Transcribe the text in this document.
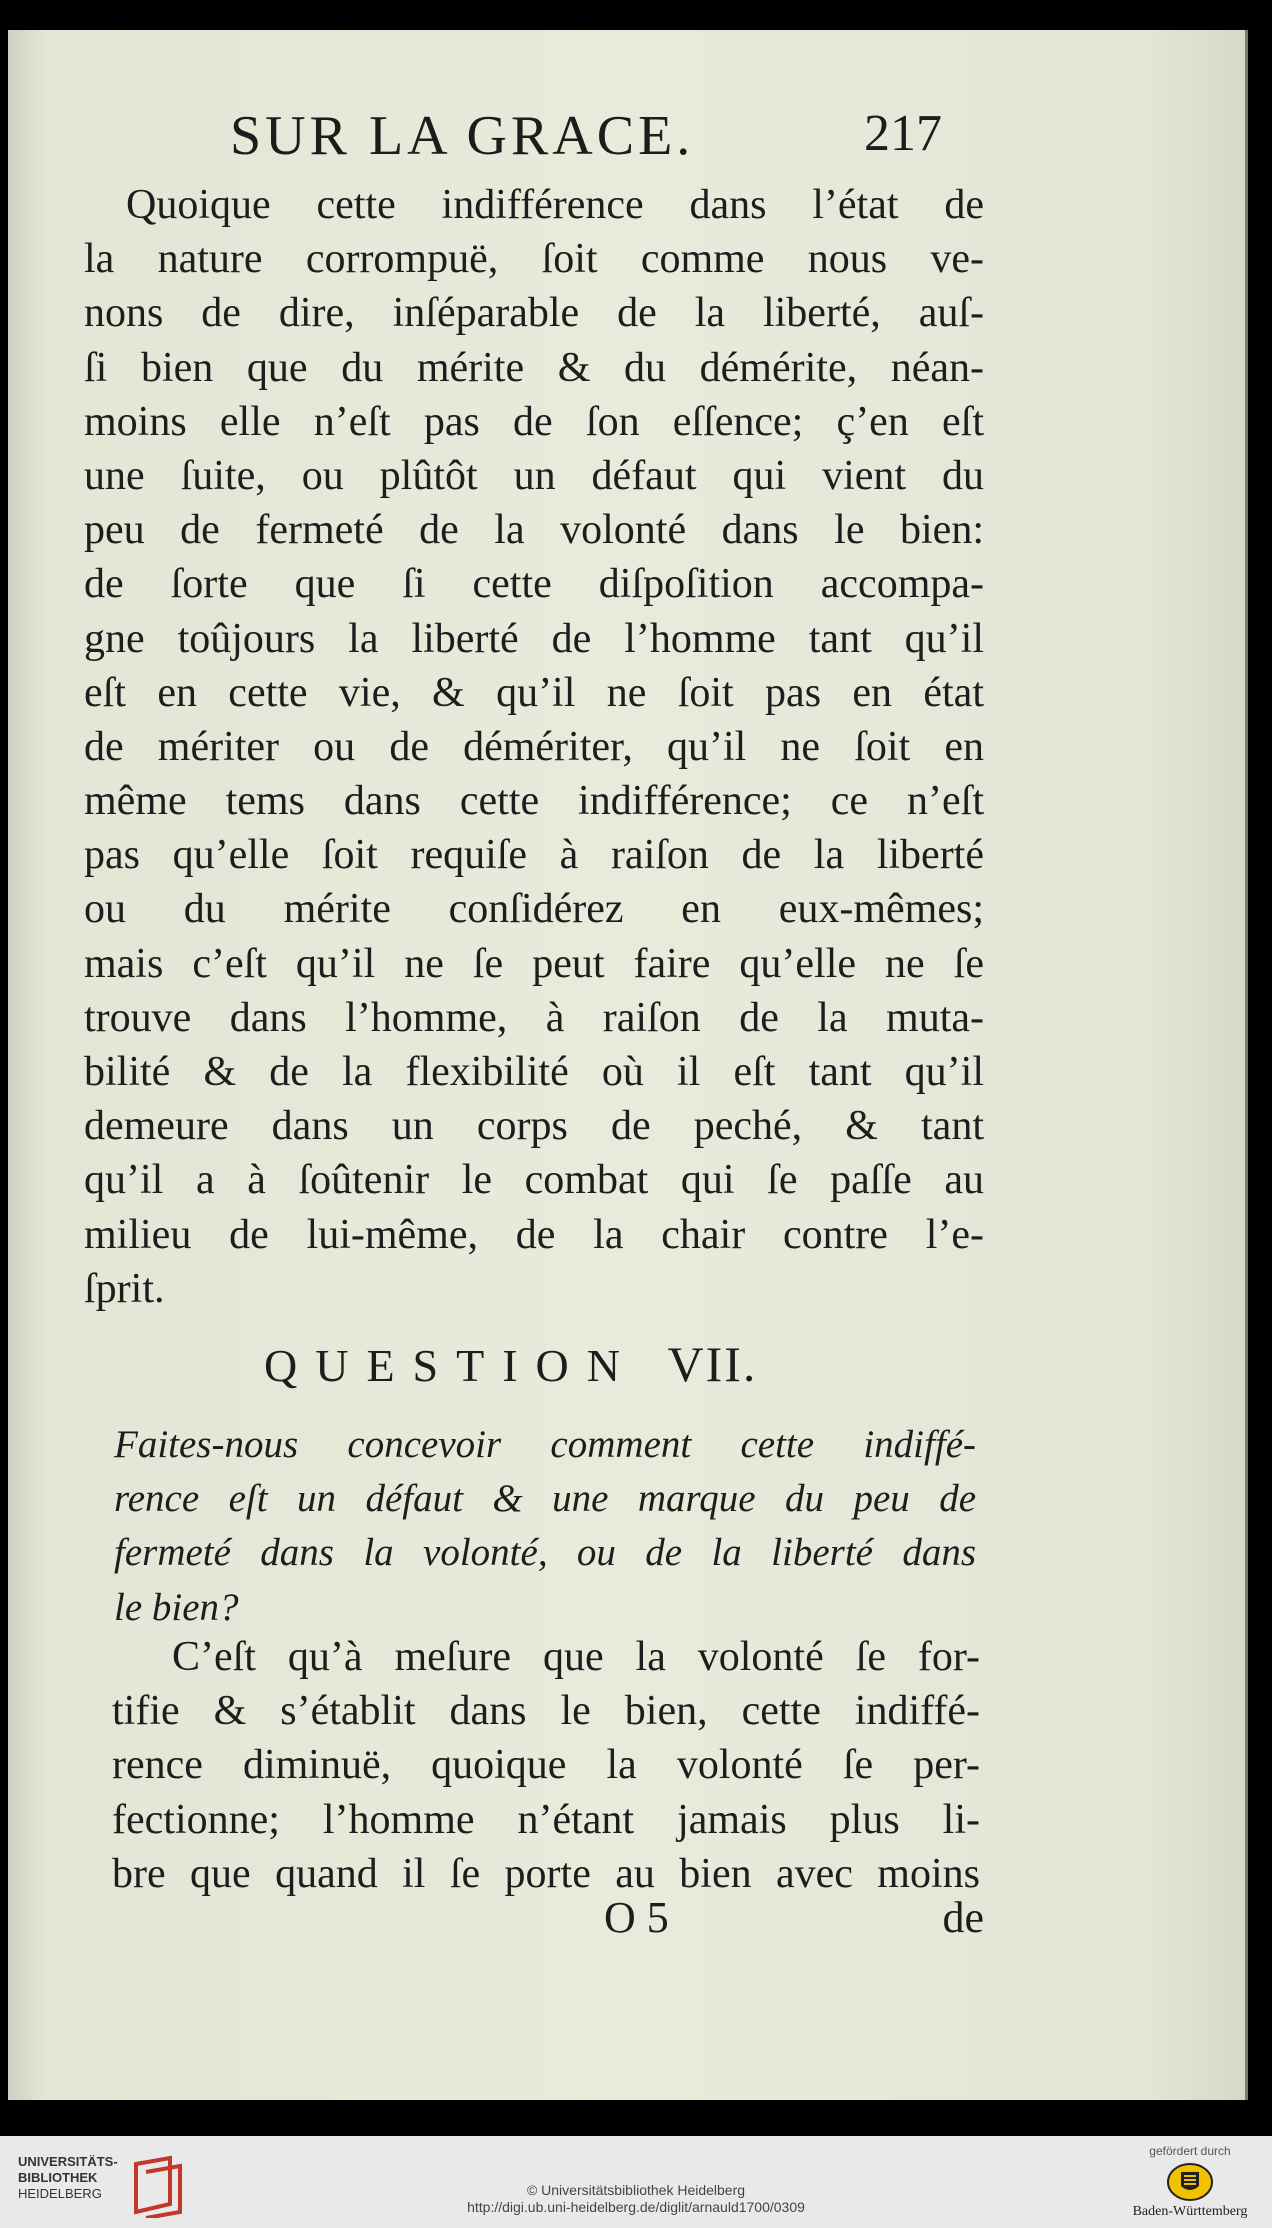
SUR LA GRACE.	217
Quoique cette indifférence dans l’état de
la nature corrompuë, ſoit comme nous ve-
nons de dire, inſéparable de la liberté, auſ-
ſi bien que du mérite & du démérite, néan-
moins elle n’eſt pas de ſon eſſence; ç’en eſt
une ſuite, ou plûtôt un défaut qui vient du
peu de fermeté de la volonté dans le bien:
de ſorte que ſi cette diſpoſition accompa-
gne toûjours la liberté de l’homme tant qu’il
eſt en cette vie, & qu’il ne ſoit pas en état
de mériter ou de démériter, qu’il ne ſoit en
même tems dans cette indifférence; ce n’eſt
pas qu’elle ſoit requiſe à raiſon de la liberté
ou du mérite conſidérez en eux-mêmes;
mais c’eſt qu’il ne ſe peut faire qu’elle ne ſe
trouve dans l’homme, à raiſon de la muta-
bilité & de la flexibilité où il eſt tant qu’il
demeure dans un corps de peché, & tant
qu’il a à ſoûtenir le combat qui ſe paſſe au
milieu de lui-même, de la chair contre l’e-
ſprit.
QUESTION VII.
Faites-nous concevoir comment cette indiffé-
rence eſt un défaut & une marque du peu de
fermeté dans la volonté, ou de la liberté dans
le bien?
C’eſt qu’à meſure que la volonté ſe for-
tifie & s’établit dans le bien, cette indiffé-
rence diminuë, quoique la volonté ſe per-
fectionne; l’homme n’étant jamais plus li-
bre que quand il ſe porte au bien avec moins
O 5	de
UNIVERSITÄTS-
BIBLIOTHEK
HEIDELBERG	© Universitätsbibliothek Heidelberg
http://digi.ub.uni-heidelberg.de/diglit/arnauld1700/0309
gefördert durch
Baden-Württemberg
